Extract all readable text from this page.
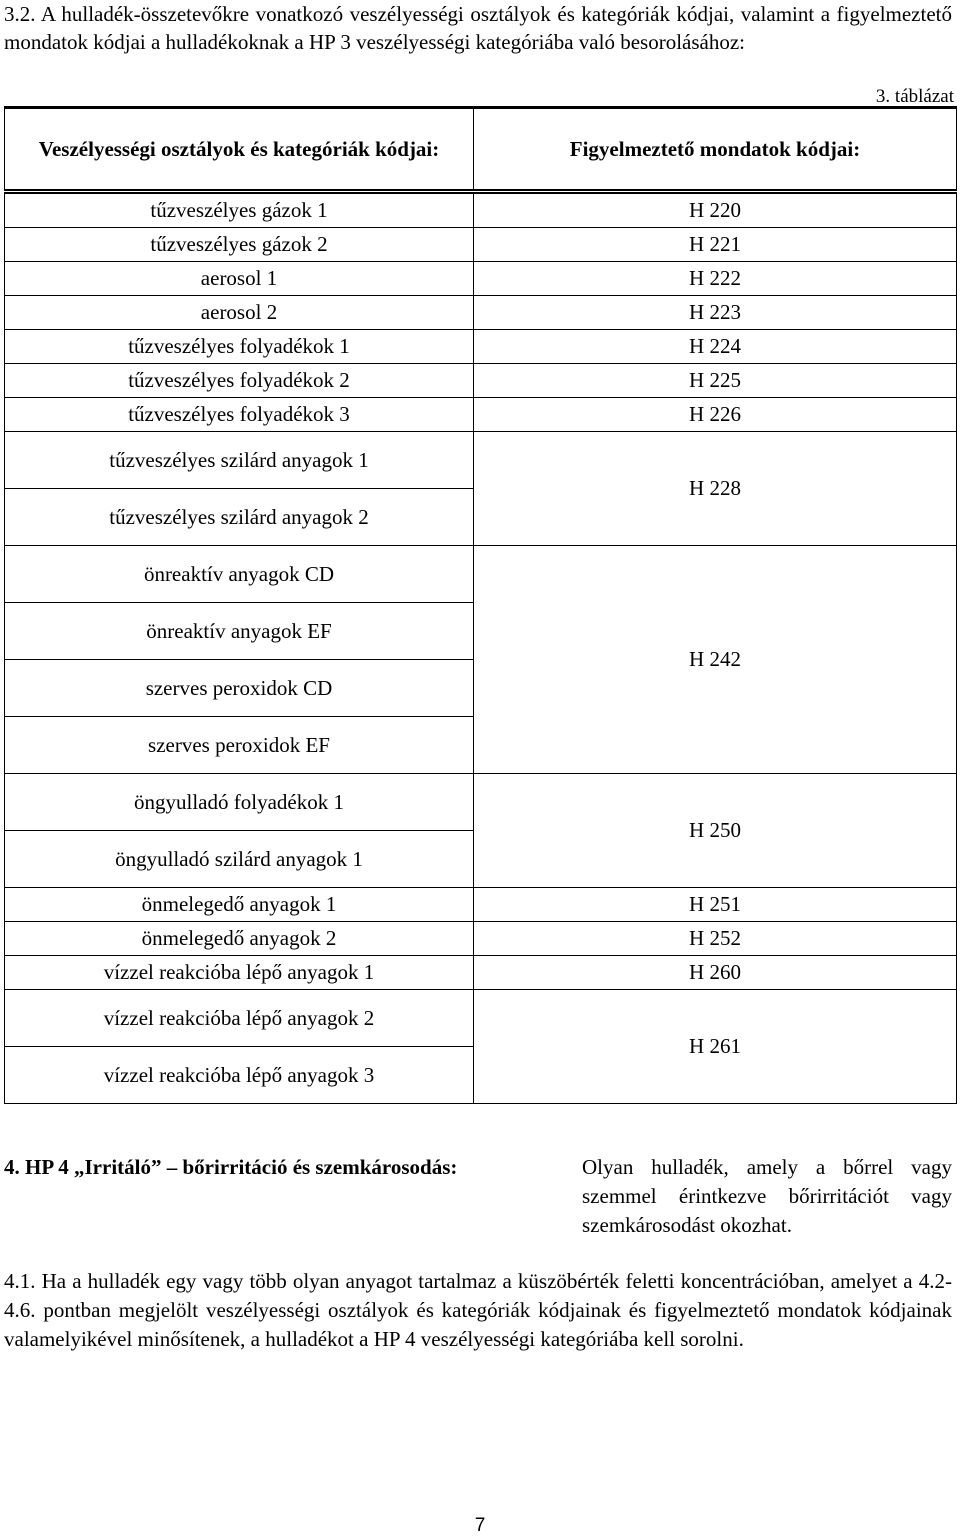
3.2. A hulladék-összetevőkre vonatkozó veszélyességi osztályok és kategóriák kódjai, valamint a figyelmeztető mondatok kódjai a hulladékoknak a HP 3 veszélyességi kategóriába való besorolásához:
3. táblázat
Veszélyességi osztályok és kategóriák kódjai:	Figyelmeztető mondatok kódjai:
tűzveszélyes gázok 1	H 220
tűzveszélyes gázok 2	H 221
aerosol 1	H 222
aerosol 2	H 223
tűzveszélyes folyadékok 1	H 224
tűzveszélyes folyadékok 2	H 225
tűzveszélyes folyadékok 3	H 226
tűzveszélyes szilárd anyagok 1	H 228
tűzveszélyes szilárd anyagok 2	
önreaktív anyagok CD	H 242
önreaktív anyagok EF	
szerves peroxidok CD	
szerves peroxidok EF	
öngyulladó folyadékok 1	H 250
öngyulladó szilárd anyagok 1	
önmelegedő anyagok 1	H 251
önmelegedő anyagok 2	H 252
vízzel reakcióba lépő anyagok 1	H 260
vízzel reakcióba lépő anyagok 2	H 261
vízzel reakcióba lépő anyagok 3	
4. HP 4 „Irritáló” – bőrirritáció és szemkárosodás:	Olyan hulladék, amely a bőrrel vagy szemmel érintkezve bőrirritációt vagy szemkárosodást okozhat.
4.1. Ha a hulladék egy vagy több olyan anyagot tartalmaz a küszöbérték feletti koncentrációban, amelyet a 4.2-4.6. pontban megjelölt veszélyességi osztályok és kategóriák kódjainak és figyelmeztető mondatok kódjainak valamelyikével minősítenek, a hulladékot a HP 4 veszélyességi kategóriába kell sorolni.
7
